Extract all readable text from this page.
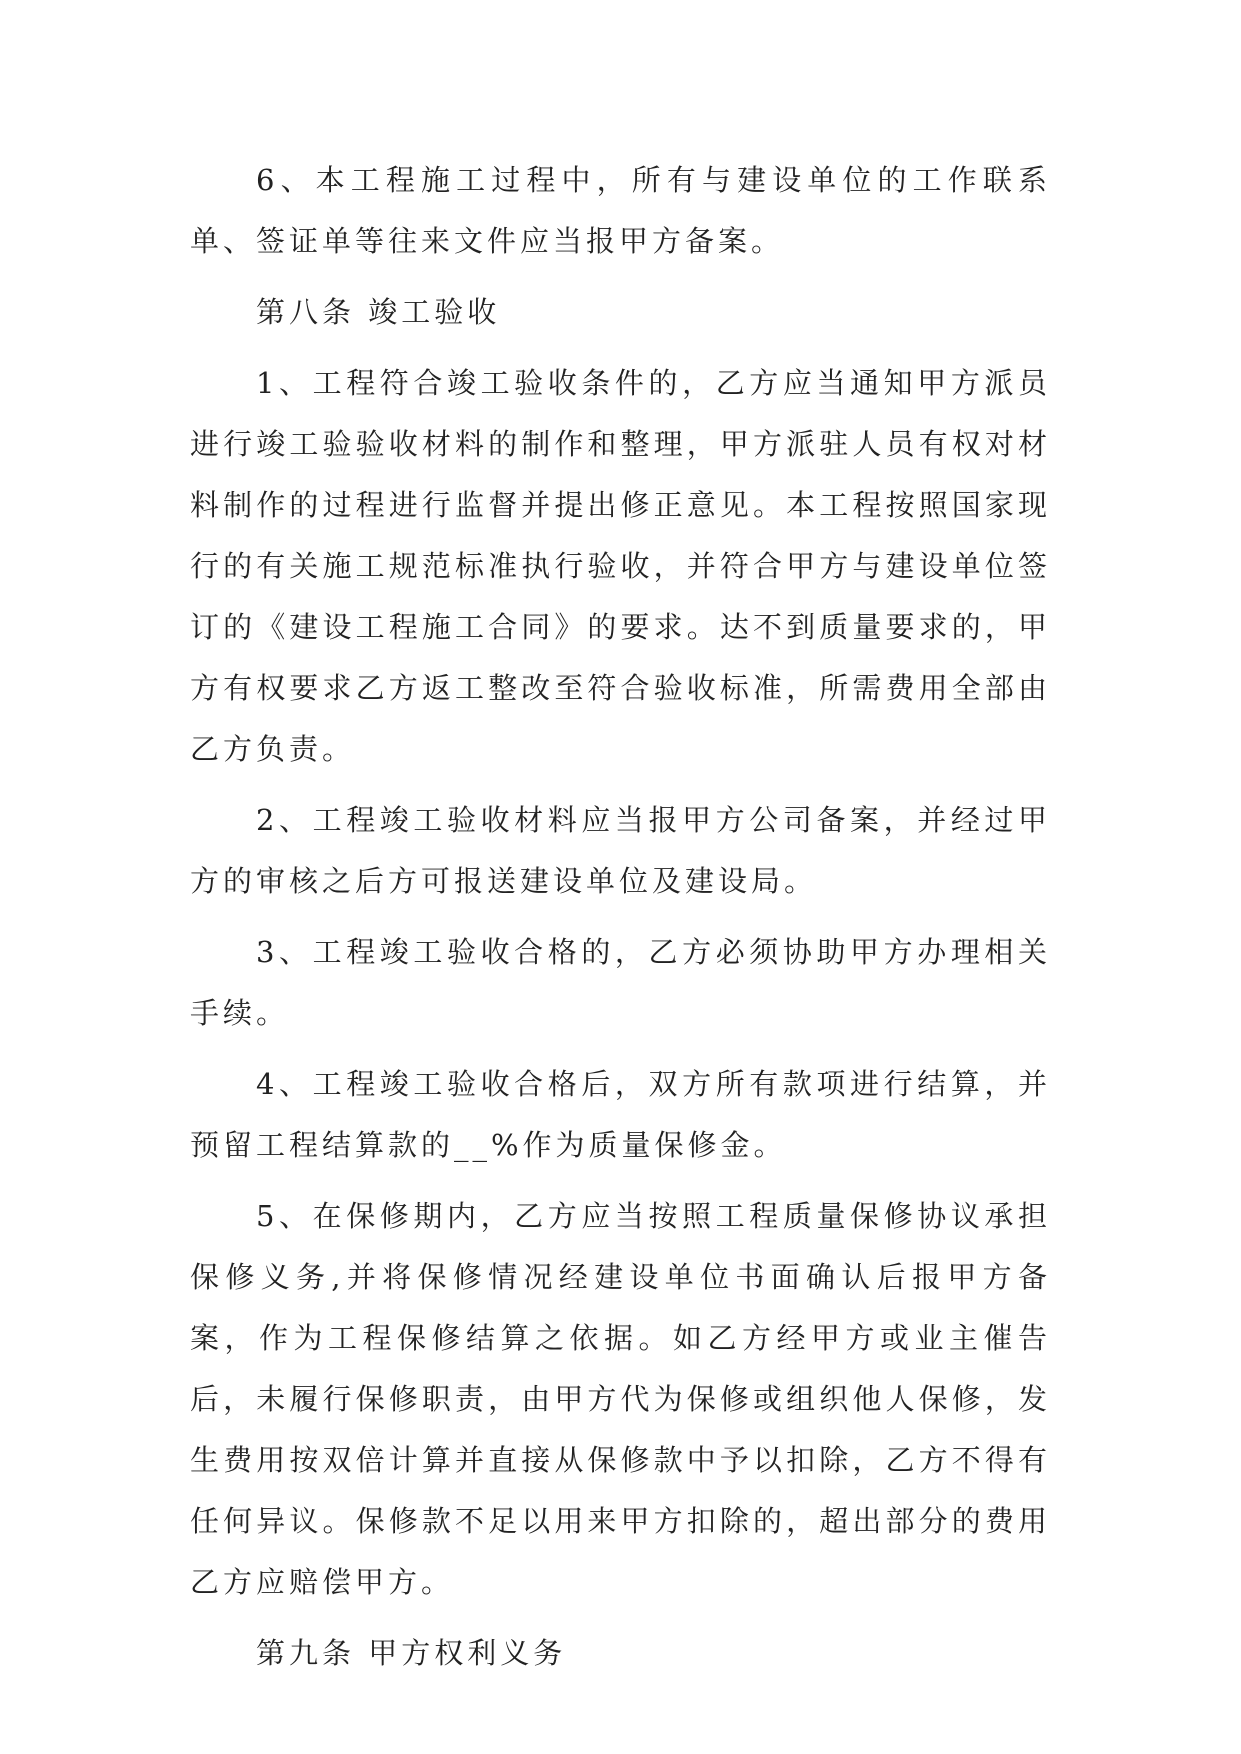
6、本工程施工过程中，所有与建设单位的工作联系单、签证单等往来文件应当报甲方备案。

第八条 竣工验收

1、工程符合竣工验收条件的，乙方应当通知甲方派员进行竣工验验收材料的制作和整理，甲方派驻人员有权对材料制作的过程进行监督并提出修正意见。本工程按照国家现行的有关施工规范标准执行验收，并符合甲方与建设单位签订的《建设工程施工合同》的要求。达不到质量要求的，甲方有权要求乙方返工整改至符合验收标准，所需费用全部由乙方负责。

2、工程竣工验收材料应当报甲方公司备案，并经过甲方的审核之后方可报送建设单位及建设局。

3、工程竣工验收合格的，乙方必须协助甲方办理相关手续。

4、工程竣工验收合格后，双方所有款项进行结算，并预留工程结算款的__%作为质量保修金。

5、在保修期内，乙方应当按照工程质量保修协议承担保修义务,并将保修情况经建设单位书面确认后报甲方备案，作为工程保修结算之依据。如乙方经甲方或业主催告后，未履行保修职责，由甲方代为保修或组织他人保修，发生费用按双倍计算并直接从保修款中予以扣除，乙方不得有任何异议。保修款不足以用来甲方扣除的，超出部分的费用乙方应赔偿甲方。

第九条 甲方权利义务
